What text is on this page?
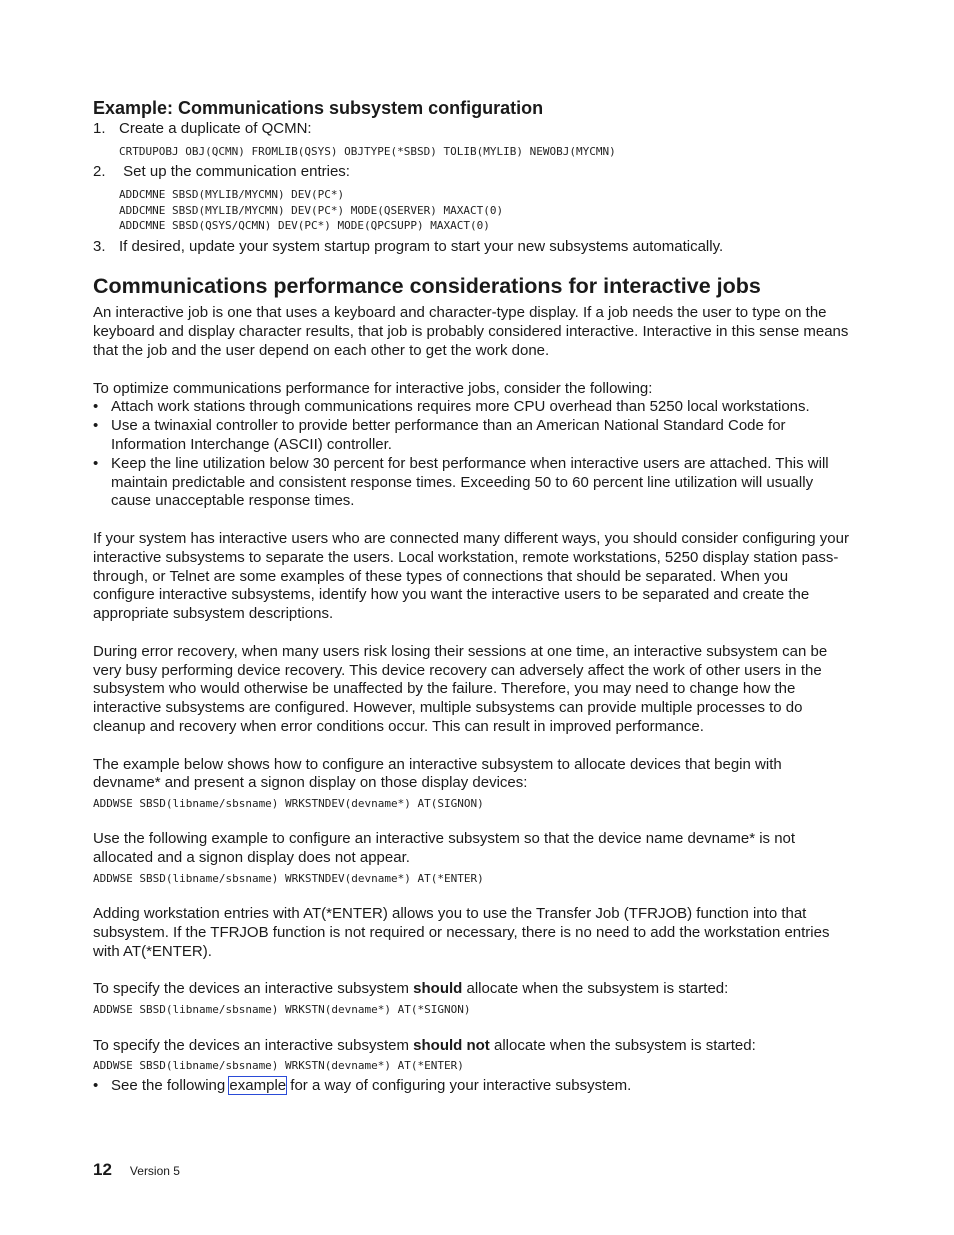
Example: Communications subsystem configuration
1. Create a duplicate of QCMN:
CRTDUPOBJ OBJ(QCMN) FROMLIB(QSYS) OBJTYPE(*SBSD) TOLIB(MYLIB) NEWOBJ(MYCMN)
2. Set up the communication entries:
ADDCMNE SBSD(MYLIB/MYCMN) DEV(PC*)
ADDCMNE SBSD(MYLIB/MYCMN) DEV(PC*) MODE(QSERVER) MAXACT(0)
ADDCMNE SBSD(QSYS/QCMN) DEV(PC*) MODE(QPCSUPP) MAXACT(0)
3. If desired, update your system startup program to start your new subsystems automatically.
Communications performance considerations for interactive jobs

An interactive job is one that uses a keyboard and character-type display. If a job needs the user to type on the keyboard and display character results, that job is probably considered interactive. Interactive in this sense means that the job and the user depend on each other to get the work done.

To optimize communications performance for interactive jobs, consider the following:

• Attach work stations through communications requires more CPU overhead than 5250 local workstations.
• Use a twinaxial controller to provide better performance than an American National Standard Code for Information Interchange (ASCII) controller.
• Keep the line utilization below 30 percent for best performance when interactive users are attached. This will maintain predictable and consistent response times. Exceeding 50 to 60 percent line utilization will usually cause unacceptable response times.

If your system has interactive users who are connected many different ways, you should consider configuring your interactive subsystems to separate the users. Local workstation, remote workstations, 5250 display station pass-through, or Telnet are some examples of these types of connections that should be separated. When you configure interactive subsystems, identify how you want the interactive users to be separated and create the appropriate subsystem descriptions.

During error recovery, when many users risk losing their sessions at one time, an interactive subsystem can be very busy performing device recovery. This device recovery can adversely affect the work of other users in the subsystem who would otherwise be unaffected by the failure. Therefore, you may need to change how the interactive subsystems are configured. However, multiple subsystems can provide multiple processes to do cleanup and recovery when error conditions occur. This can result in improved performance.

The example below shows how to configure an interactive subsystem to allocate devices that begin with devname* and present a signon display on those display devices:

ADDWSE SBSD(libname/sbsname) WRKSTNDEV(devname*) AT(SIGNON)

Use the following example to configure an interactive subsystem so that the device name devname* is not allocated and a signon display does not appear.

ADDWSE SBSD(libname/sbsname) WRKSTNDEV(devname*) AT(*ENTER)

Adding workstation entries with AT(*ENTER) allows you to use the Transfer Job (TFRJOB) function into that subsystem. If the TFRJOB function is not required or necessary, there is no need to add the workstation entries with AT(*ENTER).

To specify the devices an interactive subsystem should allocate when the subsystem is started:

ADDWSE SBSD(libname/sbsname) WRKSTN(devname*) AT(*SIGNON)

To specify the devices an interactive subsystem should not allocate when the subsystem is started:

ADDWSE SBSD(libname/sbsname) WRKSTN(devname*) AT(*ENTER)
• See the following example for a way of configuring your interactive subsystem.
12 Version 5
